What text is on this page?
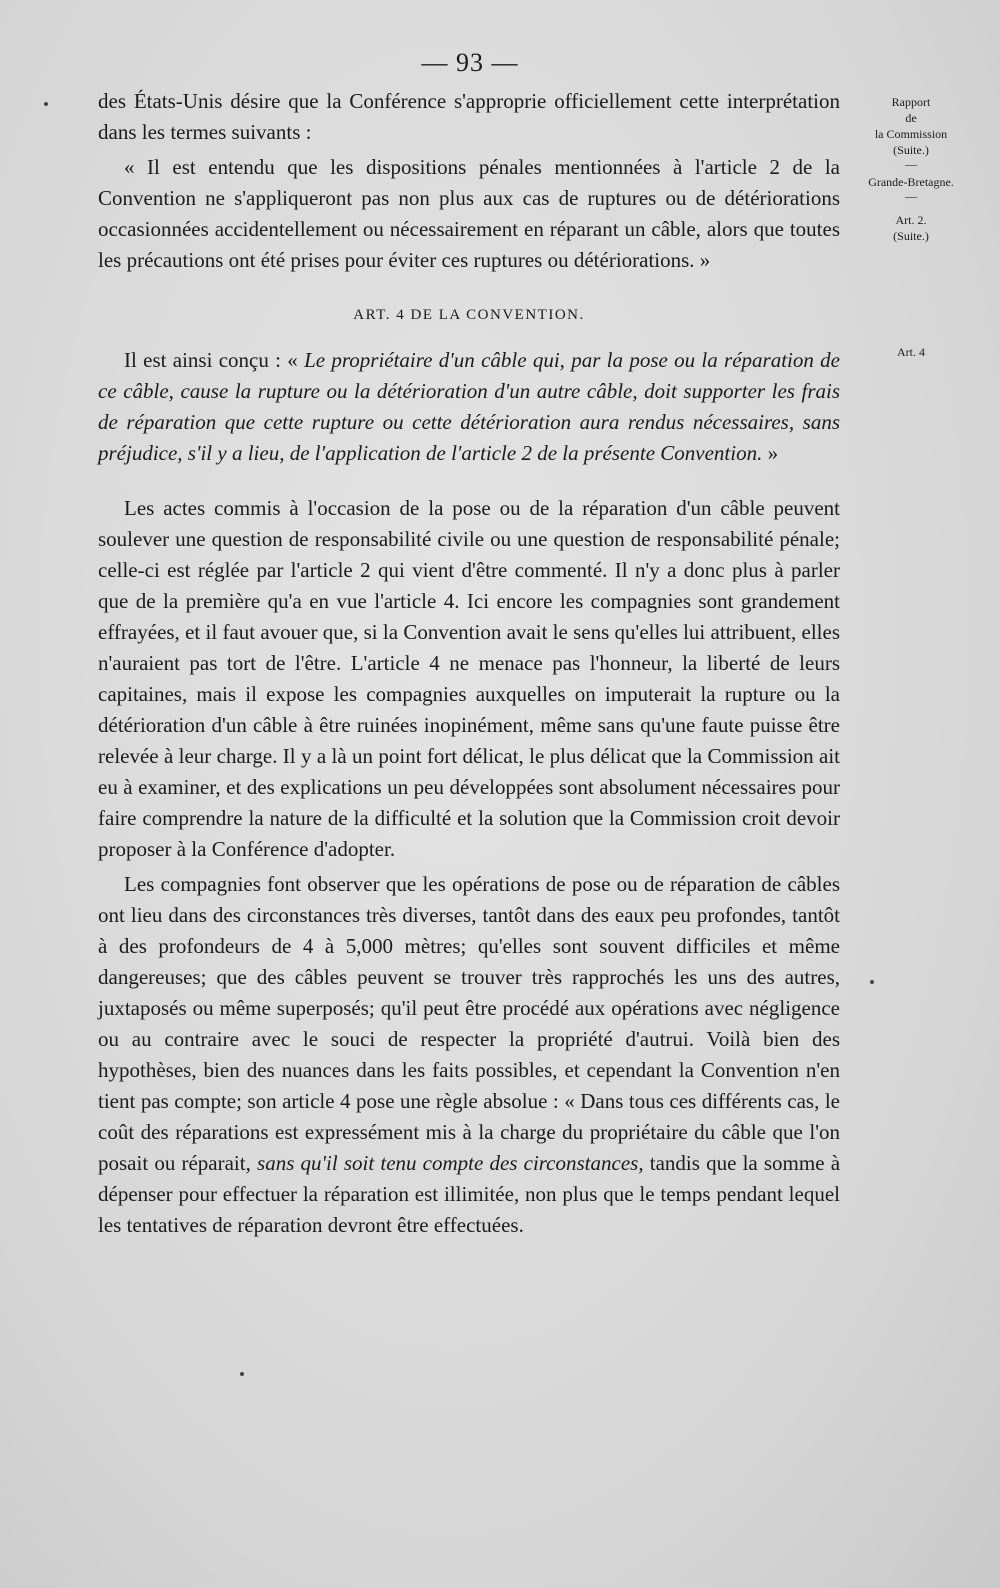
— 93 —
Rapport
de
la Commission
(Suite.)
—
Grande-Bretagne.
—
Art. 2.
(Suite.)
Art. 4

des États-Unis désire que la Conférence s'approprie officiellement cette interprétation dans les termes suivants :

« Il est entendu que les dispositions pénales mentionnées à l'article 2 de la Convention ne s'appliqueront pas non plus aux cas de ruptures ou de détériorations occasionnées accidentellement ou nécessairement en réparant un câble, alors que toutes les précautions ont été prises pour éviter ces ruptures ou détériorations. »

ART. 4 DE LA CONVENTION.

Il est ainsi conçu : « Le propriétaire d'un câble qui, par la pose ou la réparation de ce câble, cause la rupture ou la détérioration d'un autre câble, doit supporter les frais de réparation que cette rupture ou cette détérioration aura rendus nécessaires, sans préjudice, s'il y a lieu, de l'application de l'article 2 de la présente Convention. »

Les actes commis à l'occasion de la pose ou de la réparation d'un câble peuvent soulever une question de responsabilité civile ou une question de responsabilité pénale; celle-ci est réglée par l'article 2 qui vient d'être commenté. Il n'y a donc plus à parler que de la première qu'a en vue l'article 4. Ici encore les compagnies sont grandement effrayées, et il faut avouer que, si la Convention avait le sens qu'elles lui attribuent, elles n'auraient pas tort de l'être. L'article 4 ne menace pas l'honneur, la liberté de leurs capitaines, mais il expose les compagnies auxquelles on imputerait la rupture ou la détérioration d'un câble à être ruinées inopinément, même sans qu'une faute puisse être relevée à leur charge. Il y a là un point fort délicat, le plus délicat que la Commission ait eu à examiner, et des explications un peu développées sont absolument nécessaires pour faire comprendre la nature de la difficulté et la solution que la Commission croit devoir proposer à la Conférence d'adopter.

Les compagnies font observer que les opérations de pose ou de réparation de câbles ont lieu dans des circonstances très diverses, tantôt dans des eaux peu profondes, tantôt à des profondeurs de 4 à 5,000 mètres; qu'elles sont souvent difficiles et même dangereuses; que des câbles peuvent se trouver très rapprochés les uns des autres, juxtaposés ou même superposés; qu'il peut être procédé aux opérations avec négligence ou au contraire avec le souci de respecter la propriété d'autrui. Voilà bien des hypothèses, bien des nuances dans les faits possibles, et cependant la Convention n'en tient pas compte; son article 4 pose une règle absolue : « Dans tous ces différents cas, le coût des réparations est expressément mis à la charge du propriétaire du câble que l'on posait ou réparait, sans qu'il soit tenu compte des circonstances, tandis que la somme à dépenser pour effectuer la réparation est illimitée, non plus que le temps pendant lequel les tentatives de réparation devront être effectuées.
